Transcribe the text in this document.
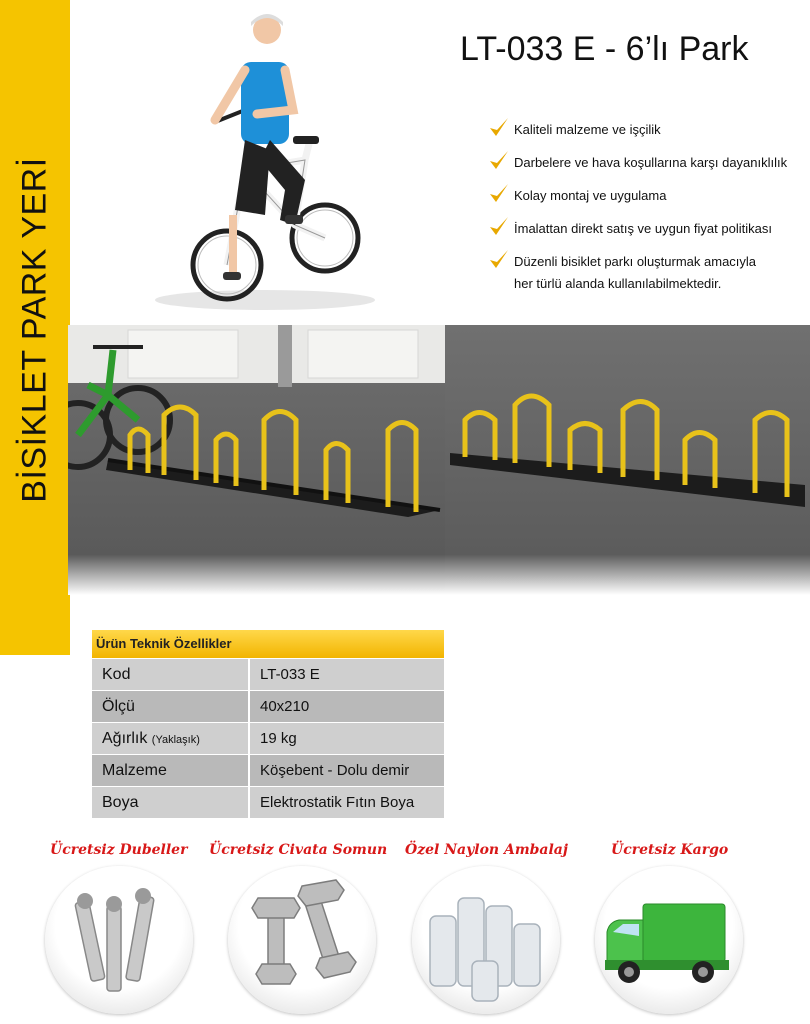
BİSİKLET PARK YERİ
LT-033 E - 6’lı Park
Kaliteli malzeme ve işçilik
Darbelere ve hava koşullarına karşı dayanıklılık
Kolay montaj ve uygulama
İmalattan direkt satış ve uygun fiyat politikası
Düzenli bisiklet parkı oluşturmak amacıyla
her türlü alanda kullanılabilmektedir.
Ürün Teknik Özellikler
Kod	LT-033 E
Ölçü	40x210
Ağırlık (Yaklaşık)	19 kg
Malzeme	Köşebent - Dolu demir
Boya	Elektrostatik Fıtın Boya
Ücretsiz Dubeller Ücretsiz Civata Somun Özel Naylon Ambalaj	Ücretsiz Kargo
